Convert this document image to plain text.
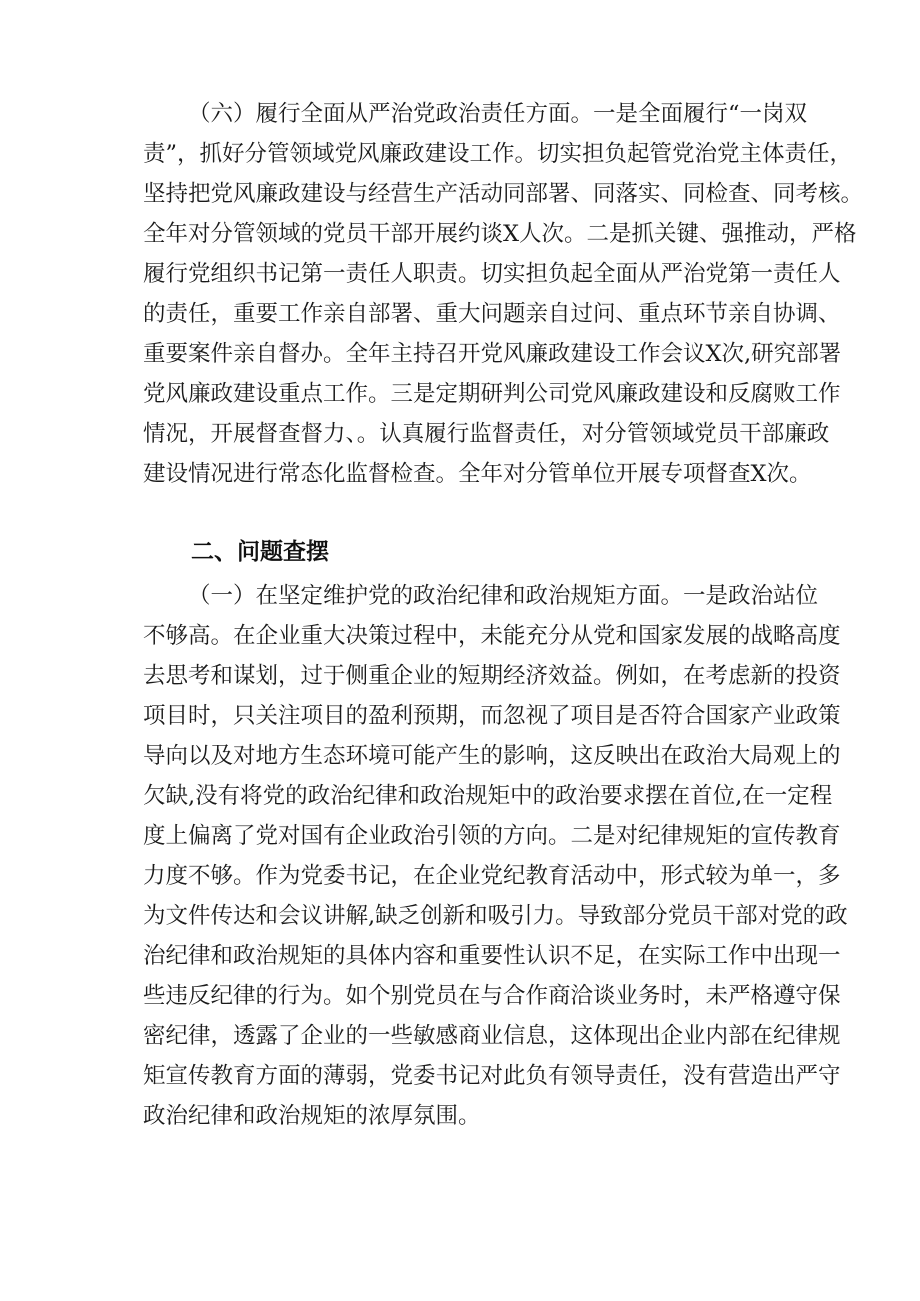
（六）履行全面从严治党政治责任方面。一是全面履行“一岗双
责”，抓好分管领域党风廉政建设工作。切实担负起管党治党主体责任，
坚持把党风廉政建设与经营生产活动同部署、同落实、同检查、同考核。
全年对分管领域的党员干部开展约谈X人次。二是抓关键、强推动，严格
履行党组织书记第一责任人职责。切实担负起全面从严治党第一责任人
的责任，重要工作亲自部署、重大问题亲自过问、重点环节亲自协调、
重要案件亲自督办。全年主持召开党风廉政建设工作会议X次,研究部署
党风廉政建设重点工作。三是定期研判公司党风廉政建设和反腐败工作
情况，开展督查督力、。认真履行监督责任，对分管领域党员干部廉政
建设情况进行常态化监督检查。全年对分管单位开展专项督查X次。
二、问题查摆
（一）在坚定维护党的政治纪律和政治规矩方面。一是政治站位
不够高。在企业重大决策过程中，未能充分从党和国家发展的战略高度
去思考和谋划，过于侧重企业的短期经济效益。例如，在考虑新的投资
项目时，只关注项目的盈利预期，而忽视了项目是否符合国家产业政策
导向以及对地方生态环境可能产生的影响，这反映出在政治大局观上的
欠缺,没有将党的政治纪律和政治规矩中的政治要求摆在首位,在一定程
度上偏离了党对国有企业政治引领的方向。二是对纪律规矩的宣传教育
力度不够。作为党委书记，在企业党纪教育活动中，形式较为单一，多
为文件传达和会议讲解,缺乏创新和吸引力。导致部分党员干部对党的政
治纪律和政治规矩的具体内容和重要性认识不足，在实际工作中出现一
些违反纪律的行为。如个别党员在与合作商洽谈业务时，未严格遵守保
密纪律，透露了企业的一些敏感商业信息，这体现出企业内部在纪律规
矩宣传教育方面的薄弱，党委书记对此负有领导责任，没有营造出严守
政治纪律和政治规矩的浓厚氛围。
